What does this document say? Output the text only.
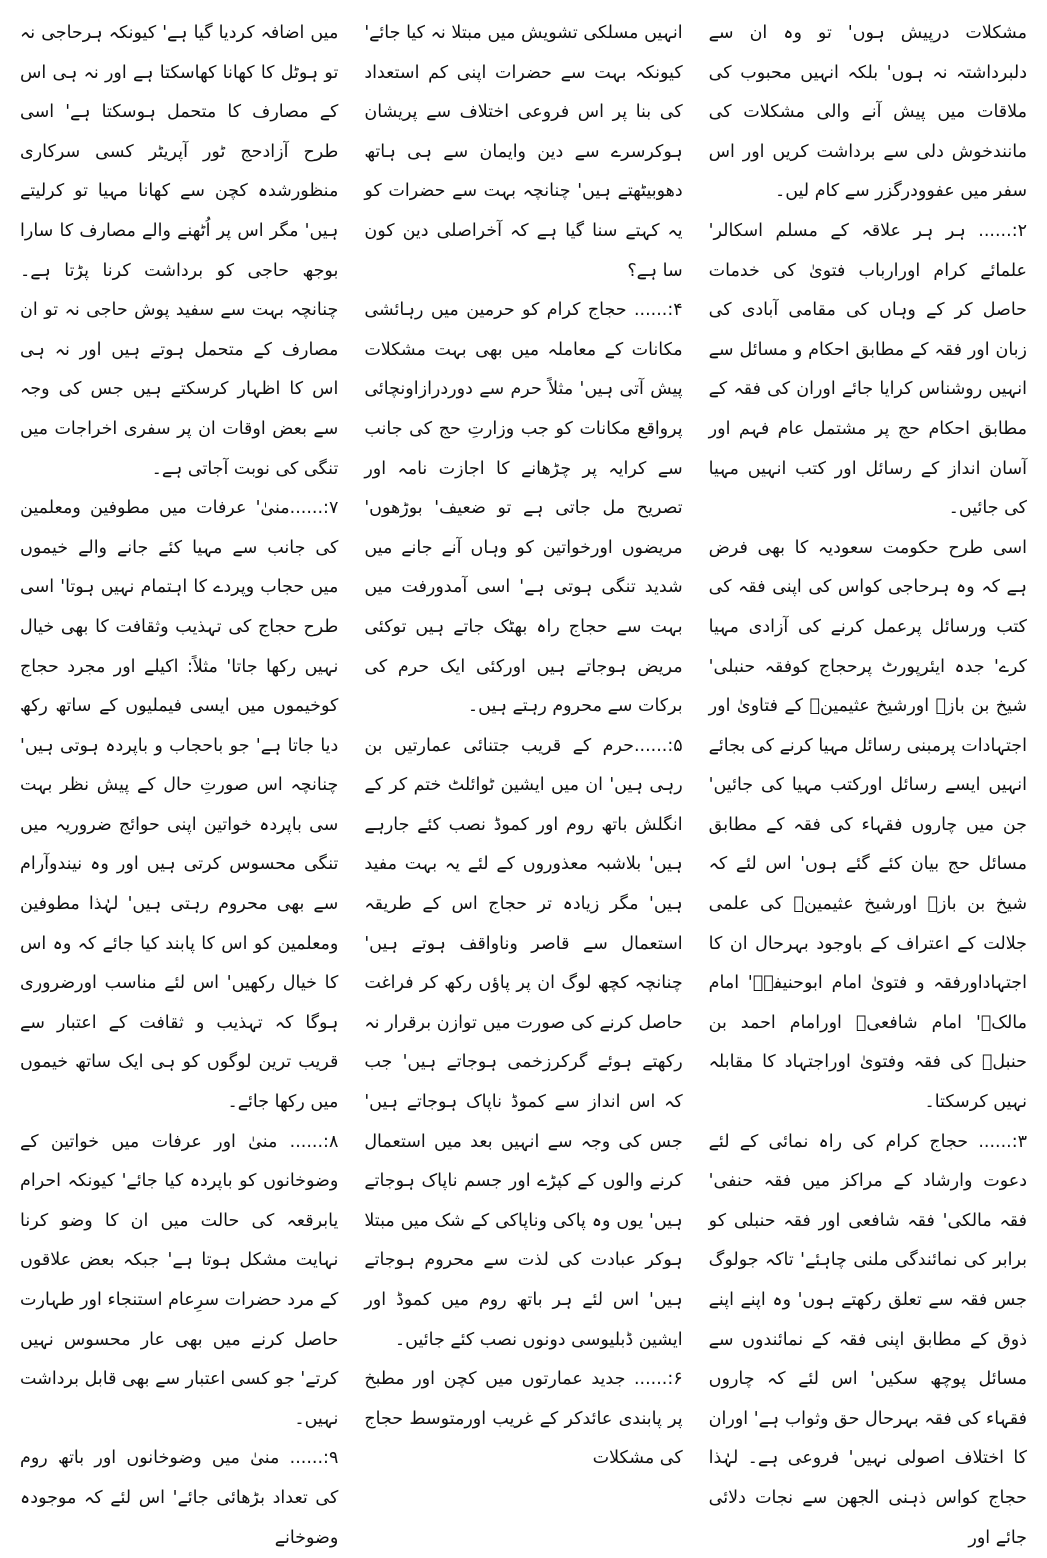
مشکلات درپیش ہوں' تو وہ ان سے دلبرداشتہ نہ ہوں' بلکہ انہیں محبوب کی ملاقات میں پیش آنے والی مشکلات کی مانندخوش دلی سے برداشت کریں اور اس سفر میں عفوودرگزر سے کام لیں۔

۲:...... ہر ہر علاقہ کے مسلم اسکالر' علمائے کرام اورارباب فتویٰ کی خدمات حاصل کر کے وہاں کی مقامی آبادی کی زبان اور فقہ کے مطابق احکام و مسائل سے انہیں روشناس کرایا جائے اوران کی فقہ کے مطابق احکام حج پر مشتمل عام فہم اور آسان انداز کے رسائل اور کتب انہیں مہیا کی جائیں۔

اسی طرح حکومت سعودیہ کا بھی فرض ہے کہ وہ ہرحاجی کواس کی اپنی فقہ کی کتب ورسائل پرعمل کرنے کی آزادی مہیا کرے' جدہ ایئرپورٹ پرحجاج کوفقہ حنبلی' شیخ بن بازؒ اورشیخ عثیمینؒ کے فتاویٰ اور اجتہادات پرمبنی رسائل مہیا کرنے کی بجائے انہیں ایسے رسائل اورکتب مہیا کی جائیں' جن میں چاروں فقہاء کی فقہ کے مطابق مسائل حج بیان کئے گئے ہوں' اس لئے کہ شیخ بن بازؒ اورشیخ عثیمینؒ کی علمی جلالت کے اعتراف کے باوجود بہرحال ان کا اجتہاداورفقہ و فتویٰ امام ابوحنیفہؒ' امام مالکؒ' امام شافعیؒ اورامام احمد بن حنبلؒ کی فقہ وفتویٰ اوراجتہاد کا مقابلہ نہیں کرسکتا۔

۳:...... حجاج کرام کی راہ نمائی کے لئے دعوت وارشاد کے مراکز میں فقہ حنفی' فقہ مالکی' فقہ شافعی اور فقہ حنبلی کو برابر کی نمائندگی ملنی چاہئے' تاکہ جولوگ جس فقہ سے تعلق رکھتے ہوں' وہ اپنے اپنے ذوق کے مطابق اپنی فقہ کے نمائندوں سے مسائل پوچھ سکیں' اس لئے کہ چاروں فقہاء کی فقہ بہرحال حق وثواب ہے' اوران کا اختلاف اصولی نہیں' فروعی ہے۔ لہٰذا حجاج کواس ذہنی الجھن سے نجات دلائی جائے اور

انہیں مسلکی تشویش میں مبتلا نہ کیا جائے' کیونکہ بہت سے حضرات اپنی کم استعداد کی بنا پر اس فروعی اختلاف سے پریشان ہوکرسرے سے دین وایمان سے ہی ہاتھ دھوبیٹھتے ہیں' چنانچہ بہت سے حضرات کو یہ کہتے سنا گیا ہے کہ آخراصلی دین کون سا ہے؟

۴:...... حجاج کرام کو حرمین میں رہائشی مکانات کے معاملہ میں بھی بہت مشکلات پیش آتی ہیں' مثلاً حرم سے دوردرازاونچائی پرواقع مکانات کو جب وزارتِ حج کی جانب سے کرایہ پر چڑھانے کا اجازت نامہ اور تصریح مل جاتی ہے تو ضعیف' بوڑھوں' مریضوں اورخواتین کو وہاں آنے جانے میں شدید تنگی ہوتی ہے' اسی آمدورفت میں بہت سے حجاج راہ بھٹک جاتے ہیں توکئی مریض ہوجاتے ہیں اورکئی ایک حرم کی برکات سے محروم رہتے ہیں۔

۵:......حرم کے قریب جتنائی عمارتیں بن رہی ہیں' ان میں ایشین ٹوائلٹ ختم کر کے انگلش باتھ روم اور کموڈ نصب کئے جارہے ہیں' بلاشبہ معذوروں کے لئے یہ بہت مفید ہیں' مگر زیادہ تر حجاج اس کے طریقہ استعمال سے قاصر وناواقف ہوتے ہیں' چنانچہ کچھ لوگ ان پر پاؤں رکھ کر فراغت حاصل کرنے کی صورت میں توازن برقرار نہ رکھتے ہوئے گرکرزخمی ہوجاتے ہیں' جب کہ اس انداز سے کموڈ ناپاک ہوجاتے ہیں' جس کی وجہ سے انہیں بعد میں استعمال کرنے والوں کے کپڑے اور جسم ناپاک ہوجاتے ہیں' یوں وہ پاکی وناپاکی کے شک میں مبتلا ہوکر عبادت کی لذت سے محروم ہوجاتے ہیں' اس لئے ہر باتھ روم میں کموڈ اور ایشین ڈبلیوسی دونوں نصب کئے جائیں۔

۶:...... جدید عمارتوں میں کچن اور مطبخ پر پابندی عائدکر کے غریب اورمتوسط حجاج کی مشکلات

میں اضافہ کردیا گیا ہے' کیونکہ ہرحاجی نہ تو ہوٹل کا کھانا کھاسکتا ہے اور نہ ہی اس کے مصارف کا متحمل ہوسکتا ہے' اسی طرح آزادحج ٹور آپریٹر کسی سرکاری منظورشدہ کچن سے کھانا مہیا تو کرلیتے ہیں' مگر اس پر اُٹھنے والے مصارف کا سارا بوجھ حاجی کو برداشت کرنا پڑتا ہے۔ چنانچہ بہت سے سفید پوش حاجی نہ تو ان مصارف کے متحمل ہوتے ہیں اور نہ ہی اس کا اظہار کرسکتے ہیں جس کی وجہ سے بعض اوقات ان پر سفری اخراجات میں تنگی کی نوبت آجاتی ہے۔

۷:......منیٰ' عرفات میں مطوفین ومعلمین کی جانب سے مہیا کئے جانے والے خیموں میں حجاب وپردے کا اہتمام نہیں ہوتا' اسی طرح حجاج کی تہذیب وثقافت کا بھی خیال نہیں رکھا جاتا' مثلاً: اکیلے اور مجرد حجاج کوخیموں میں ایسی فیملیوں کے ساتھ رکھ دیا جاتا ہے' جو باحجاب و باپردہ ہوتی ہیں' چنانچہ اس صورتِ حال کے پیش نظر بہت سی باپردہ خواتین اپنی حوائج ضروریہ میں تنگی محسوس کرتی ہیں اور وہ نیندوآرام سے بھی محروم رہتی ہیں' لہٰذا مطوفین ومعلمین کو اس کا پابند کیا جائے کہ وہ اس کا خیال رکھیں' اس لئے مناسب اورضروری ہوگا کہ تہذیب و ثقافت کے اعتبار سے قریب ترین لوگوں کو ہی ایک ساتھ خیموں میں رکھا جائے۔

۸:...... منیٰ اور عرفات میں خواتین کے وضوخانوں کو باپردہ کیا جائے' کیونکہ احرام یابرقعہ کی حالت میں ان کا وضو کرنا نہایت مشکل ہوتا ہے' جبکہ بعض علاقوں کے مرد حضرات سرِعام استنجاء اور طہارت حاصل کرنے میں بھی عار محسوس نہیں کرتے' جو کسی اعتبار سے بھی قابل برداشت نہیں۔

۹:...... منیٰ میں وضوخانوں اور باتھ روم کی تعداد بڑھائی جائے' اس لئے کہ موجودہ وضوخانے
